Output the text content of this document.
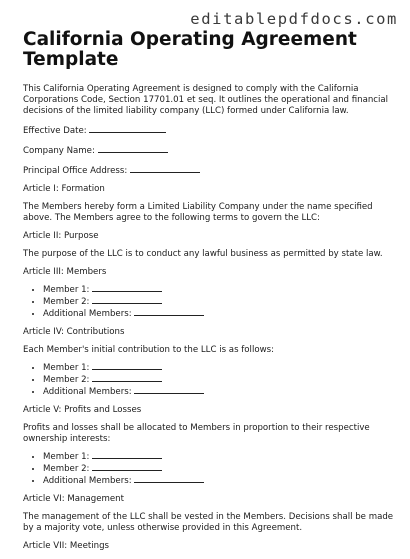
editablepdfdocs.com
California Operating Agreement Template

This California Operating Agreement is designed to comply with the California Corporations Code, Section 17701.01 et seq. It outlines the operational and financial decisions of the limited liability company (LLC) formed under California law.

Effective Date:

Company Name:

Principal Office Address:

Article I: Formation

The Members hereby form a Limited Liability Company under the name specified above. The Members agree to the following terms to govern the LLC:

Article II: Purpose

The purpose of the LLC is to conduct any lawful business as permitted by state law.

Article III: Members

• Member 1:
• Member 2:
• Additional Members:

Article IV: Contributions

Each Member's initial contribution to the LLC is as follows:

• Member 1:
• Member 2:
• Additional Members:

Article V: Profits and Losses

Profits and losses shall be allocated to Members in proportion to their respective ownership interests:

• Member 1:
• Member 2:
• Additional Members:

Article VI: Management

The management of the LLC shall be vested in the Members. Decisions shall be made by a majority vote, unless otherwise provided in this Agreement.

Article VII: Meetings
